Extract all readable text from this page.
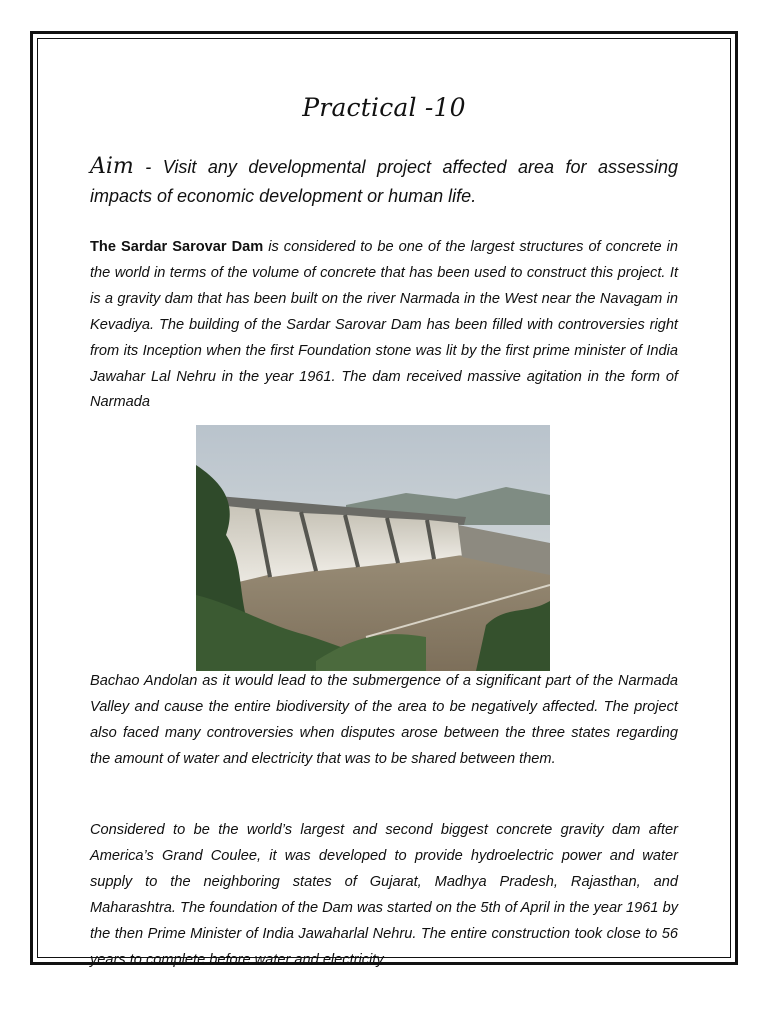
Practical -10
Aim - Visit any developmental project affected area for assessing impacts of economic development or human life.
The Sardar Sarovar Dam is considered to be one of the largest structures of concrete in the world in terms of the volume of concrete that has been used to construct this project. It is a gravity dam that has been built on the river Narmada in the West near the Navagam in Kevadiya. The building of the Sardar Sarovar Dam has been filled with controversies right from its Inception when the first Foundation stone was lit by the first prime minister of India Jawahar Lal Nehru in the year 1961. The dam received massive agitation in the form of Narmada
Bachao Andolan as it would lead to the submergence of a significant part of the Narmada Valley and cause the entire biodiversity of the area to be negatively affected. The project also faced many controversies when disputes arose between the three states regarding the amount of water and electricity that was to be shared between them.
Considered to be the world’s largest and second biggest concrete gravity dam after America’s Grand Coulee, it was developed to provide hydroelectric power and water supply to the neighboring states of Gujarat, Madhya Pradesh, Rajasthan, and Maharashtra. The foundation of the Dam was started on the 5th of April in the year 1961 by the then Prime Minister of India Jawaharlal Nehru. The entire construction took close to 56 years to complete before water and electricity
